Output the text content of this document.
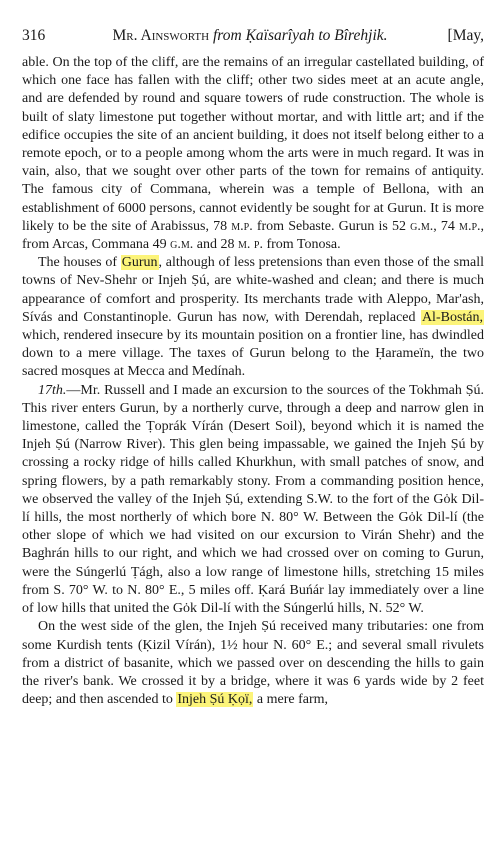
316	Mr. Ainsworth from Ḳaïsarîyah to Bîrehjik.	[May,

able. On the top of the cliff, are the remains of an irregular castellated building, of which one face has fallen with the cliff; other two sides meet at an acute angle, and are defended by round and square towers of rude construction. The whole is built of slaty limestone put together without mortar, and with little art; and if the edifice occupies the site of an ancient building, it does not itself belong either to a remote epoch, or to a people among whom the arts were in much regard. It was in vain, also, that we sought over other parts of the town for remains of antiquity. The famous city of Commana, wherein was a temple of Bellona, with an establishment of 6000 persons, cannot evidently be sought for at Gurun. It is more likely to be the site of Arabissus, 78 m.p. from Sebaste. Gurun is 52 g.m., 74 m.p., from Arcas, Commana 49 g.m. and 28 m. p. from Tonosa.

The houses of Gurun, although of less pretensions than even those of the small towns of Nev-Shehr or Injeh Ṣú, are white-washed and clean; and there is much appearance of comfort and prosperity. Its merchants trade with Aleppo, Mar'ash, Sívás and Constantinople. Gurun has now, with Derendah, replaced Al-Bostán, which, rendered insecure by its mountain position on a frontier line, has dwindled down to a mere village. The taxes of Gurun belong to the Ḥarameïn, the two sacred mosques at Mecca and Medínah.

17th.—Mr. Russell and I made an excursion to the sources of the Tokhmah Ṣú. This river enters Gurun, by a northerly curve, through a deep and narrow glen in limestone, called the Ṭoprák Vírán (Desert Soil), beyond which it is named the Injeh Ṣú (Narrow River). This glen being impassable, we gained the Injeh Ṣú by crossing a rocky ridge of hills called Khurkhun, with small patches of snow, and spring flowers, by a path remarkably stony. From a commanding position hence, we observed the valley of the Injeh Ṣú, extending S.W. to the fort of the Gȯk Dil-lí hills, the most northerly of which bore N. 80° W. Between the Gȯk Dil-lí (the other slope of which we had visited on our excursion to Virán Shehr) and the Baghrán hills to our right, and which we had crossed over on coming to Gurun, were the Súngerlú Ṭágh, also a low range of limestone hills, stretching 15 miles from S. 70° W. to N. 80° E., 5 miles off. Ḳará Buńár lay immediately over a line of low hills that united the Gȯk Dil-lí with the Súngerlú hills, N. 52° W.

On the west side of the glen, the Injeh Ṣú received many tributaries: one from some Kurdish tents (Ḳizil Vírán), 1½ hour N. 60° E.; and several small rivulets from a district of basanite, which we passed over on descending the hills to gain the river's bank. We crossed it by a bridge, where it was 6 yards wide by 2 feet deep; and then ascended to Injeh Ṣú Ḳọï, a mere farm,
